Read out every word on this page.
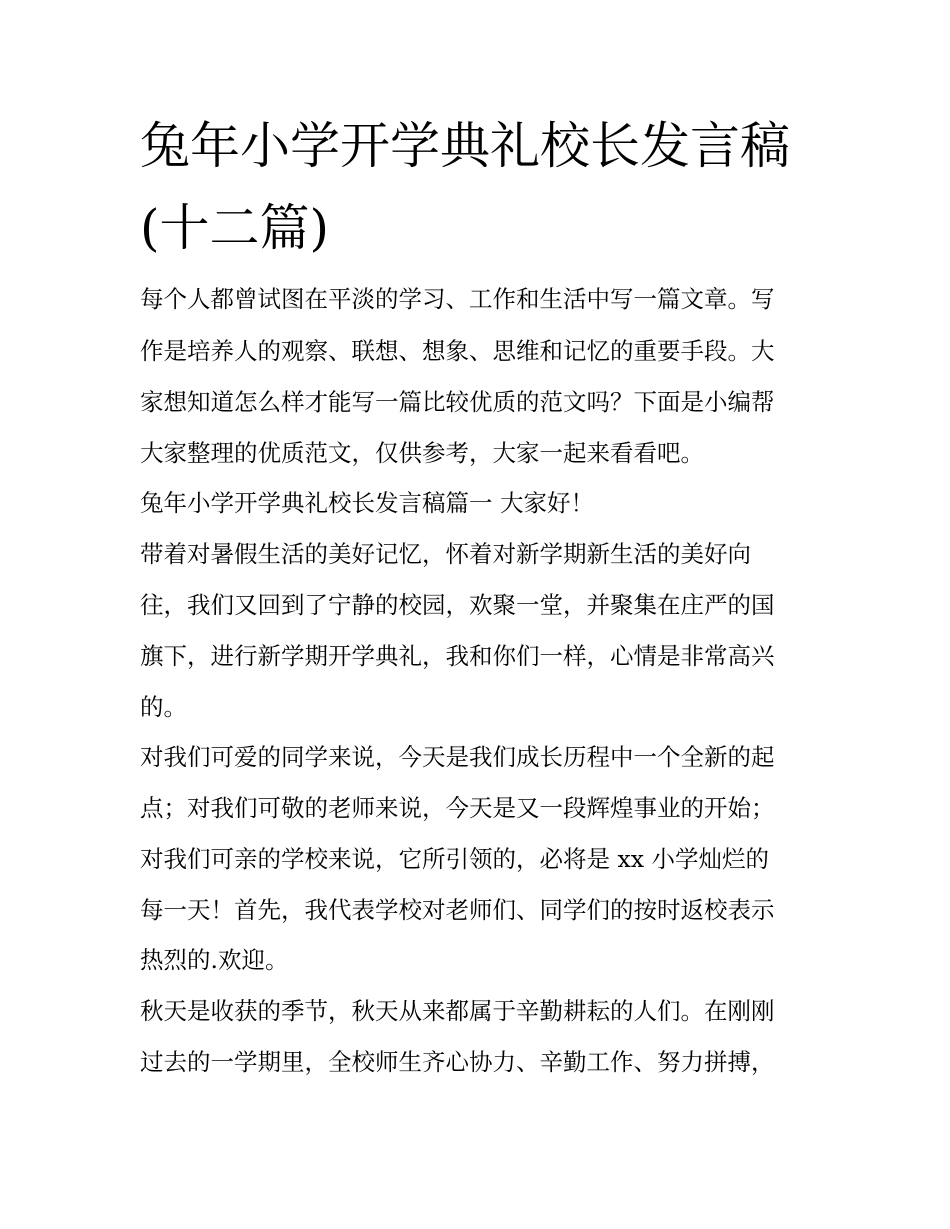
兔年小学开学典礼校长发言稿
(十二篇)
每个人都曾试图在平淡的学习、工作和生活中写一篇文章。写
作是培养人的观察、联想、想象、思维和记忆的重要手段。大
家想知道怎么样才能写一篇比较优质的范文吗？下面是小编帮
大家整理的优质范文，仅供参考，大家一起来看看吧。
兔年小学开学典礼校长发言稿篇一 大家好！
带着对暑假生活的美好记忆，怀着对新学期新生活的美好向
往，我们又回到了宁静的校园，欢聚一堂，并聚集在庄严的国
旗下，进行新学期开学典礼，我和你们一样，心情是非常高兴
的。
对我们可爱的同学来说，今天是我们成长历程中一个全新的起
点；对我们可敬的老师来说，今天是又一段辉煌事业的开始；
对我们可亲的学校来说，它所引领的，必将是 xx 小学灿烂的
每一天！首先，我代表学校对老师们、同学们的按时返校表示
热烈的.欢迎。
秋天是收获的季节，秋天从来都属于辛勤耕耘的人们。在刚刚
过去的一学期里，全校师生齐心协力、辛勤工作、努力拼搏，
